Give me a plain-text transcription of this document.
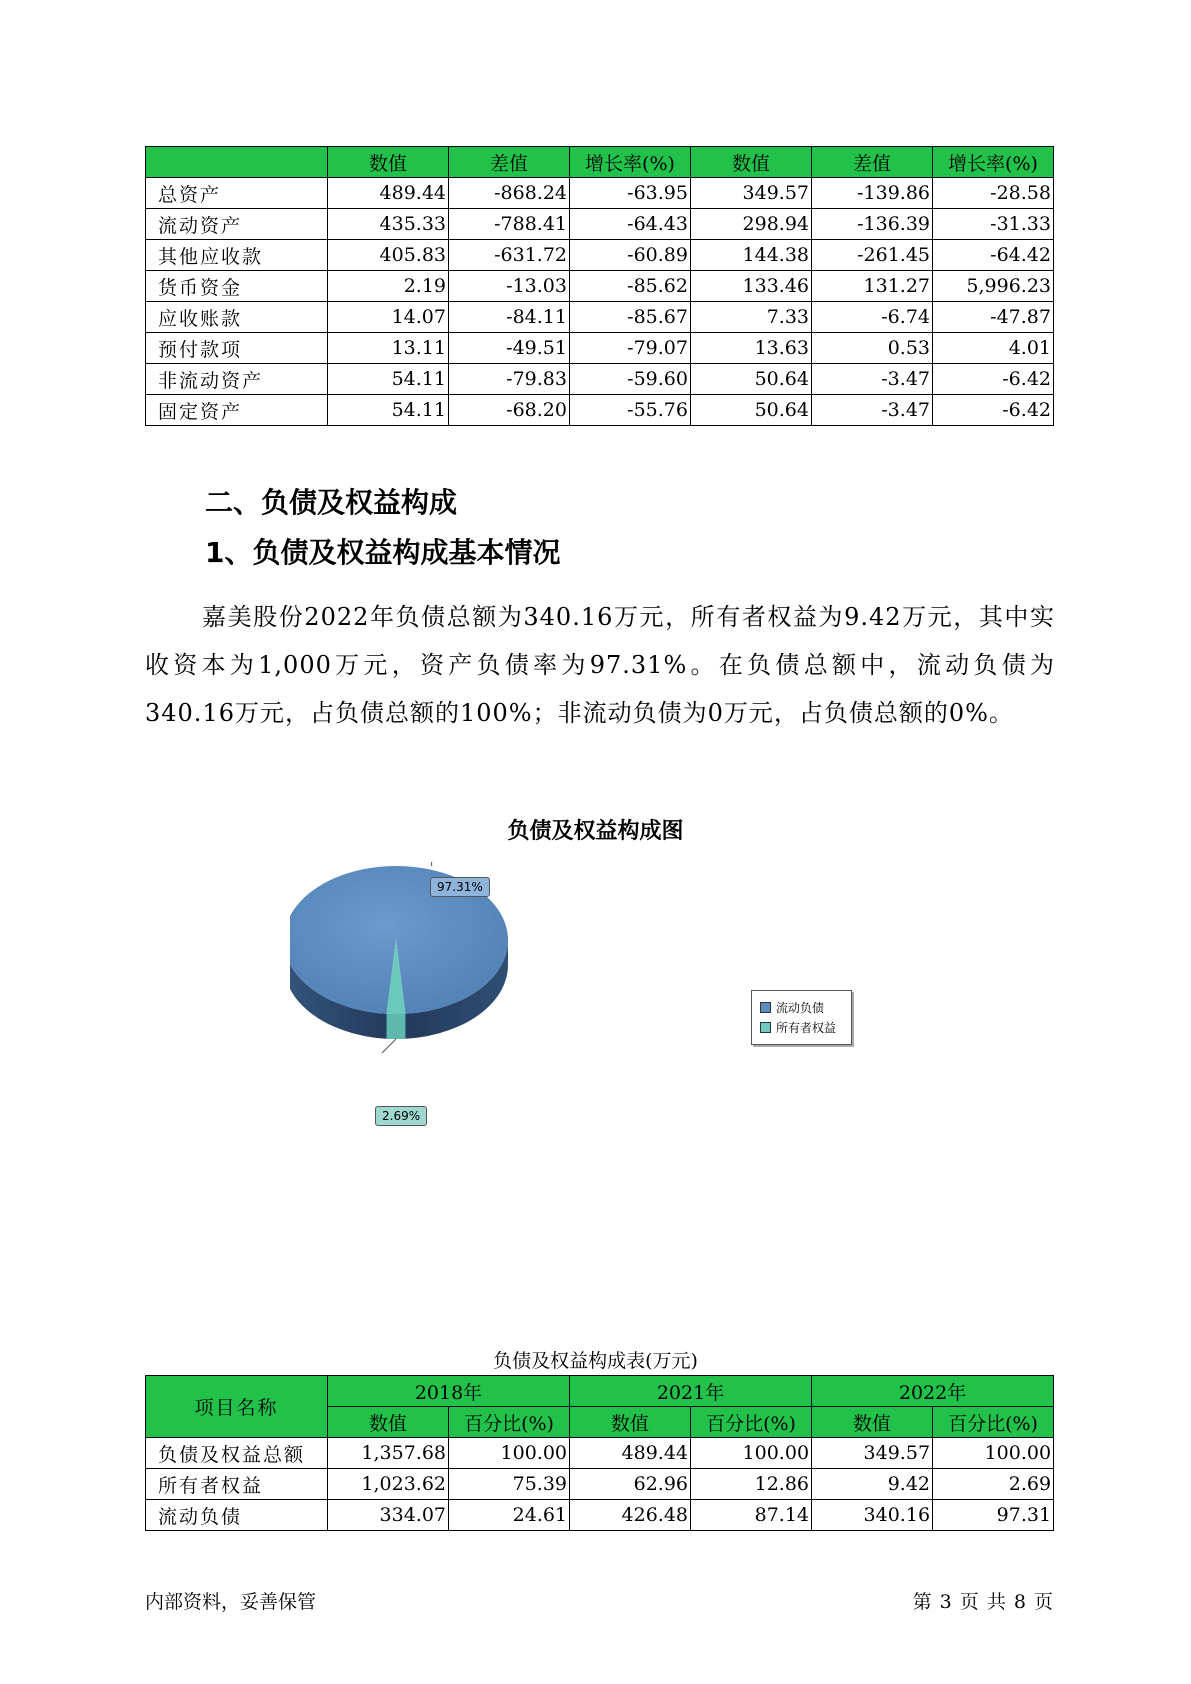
	数值	差值	增长率(%)	数值	差值	增长率(%)
总资产	489.44	-868.24	-63.95	349.57	-139.86	-28.58
流动资产	435.33	-788.41	-64.43	298.94	-136.39	-31.33
其他应收款	405.83	-631.72	-60.89	144.38	-261.45	-64.42
货币资金	2.19	-13.03	-85.62	133.46	131.27	5,996.23
应收账款	14.07	-84.11	-85.67	7.33	-6.74	-47.87
预付款项	13.11	-49.51	-79.07	13.63	0.53	4.01
非流动资产	54.11	-79.83	-59.60	50.64	-3.47	-6.42
固定资产	54.11	-68.20	-55.76	50.64	-3.47	-6.42
二、负债及权益构成
1、负债及权益构成基本情况
嘉美股份2022年负债总额为340.16万元，所有者权益为9.42万元，其中实收资本为1,000万元，资产负债率为97.31%。在负债总额中，流动负债为340.16万元，占负债总额的100%；非流动负债为0万元，占负债总额的0%。
负债及权益构成图
97.31%
2.69%
流动负债
所有者权益
负债及权益构成表(万元)
项目名称	2018年		2021年		2022年	
	数值	百分比(%)	数值	百分比(%)	数值	百分比(%)
负债及权益总额	1,357.68	100.00	489.44	100.00	349.57	100.00
所有者权益	1,023.62	75.39	62.96	12.86	9.42	2.69
流动负债	334.07	24.61	426.48	87.14	340.16	97.31
内部资料，妥善保管	第 3 页 共 8 页
